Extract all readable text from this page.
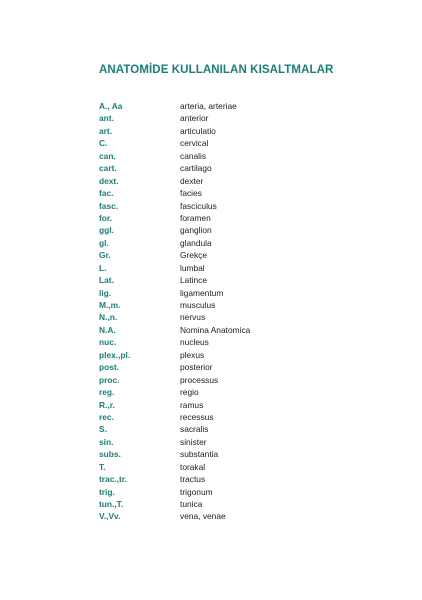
ANATOMİDE KULLANILAN KISALTMALAR
A., Aa	arteria, arteriae
ant.	anterior
art.	articulatio
C.	cervical
can.	canalis
cart.	cartilago
dext.	dexter
fac.	facies
fasc.	fasciculus
for.	foramen
ggl.	ganglion
gl.	glandula
Gr.	Grekçe
L.	lumbal
Lat.	Latince
lig.	ligamentum
M.,m.	musculus
N.,n.	nervus
N.A.	Nomina Anatomica
nuc.	nucleus
plex.,pl.	plexus
post.	posterior
proc.	processus
reg.	regio
R.,r.	ramus
rec.	recessus
S.	sacralis
sin.	sinister
subs.	substantia
T.	torakal
trac.,tr.	tractus
trig.	trigonum
tun.,T.	tunica
V.,Vv.	vena, venae
